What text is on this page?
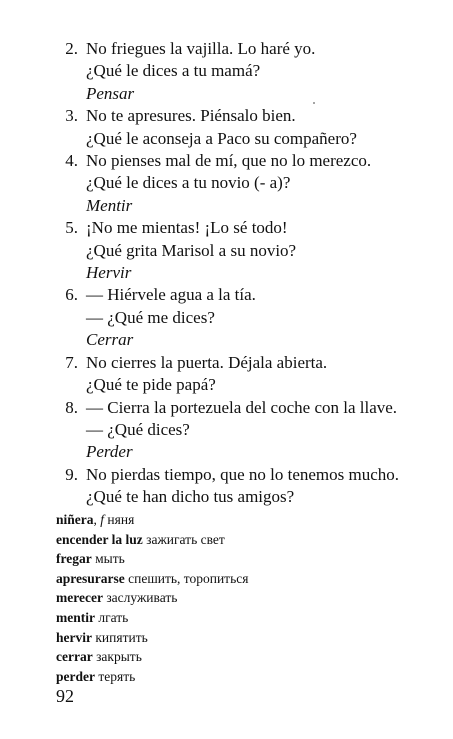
2. No friegues la vajilla. Lo haré yo.
¿Qué le dices a tu mamá?
Pensar
3. No te apresures. Piénsalo bien.
¿Qué le aconseja a Paco su compañero?
4. No pienses mal de mí, que no lo merezco.
¿Qué le dices a tu novio (- a)?
Mentir
5. ¡No me mientas! ¡Lo sé todo!
¿Qué grita Marisol a su novio?
Hervir
6. — Hiérvele agua a la tía.
— ¿Qué me dices?
Cerrar
7. No cierres la puerta. Déjala abierta.
¿Qué te pide papá?
8. — Cierra la portezuela del coche con la llave.
— ¿Qué dices?
Perder
9. No pierdas tiempo, que no lo tenemos mucho.
¿Qué te han dicho tus amigos?
niñera, f няня
encender la luz зажигать свет
fregar мыть
apresurarse спешить, торопиться
merecer заслуживать
mentir лгать
hervir кипятить
cerrar закрыть
perder терять
92
